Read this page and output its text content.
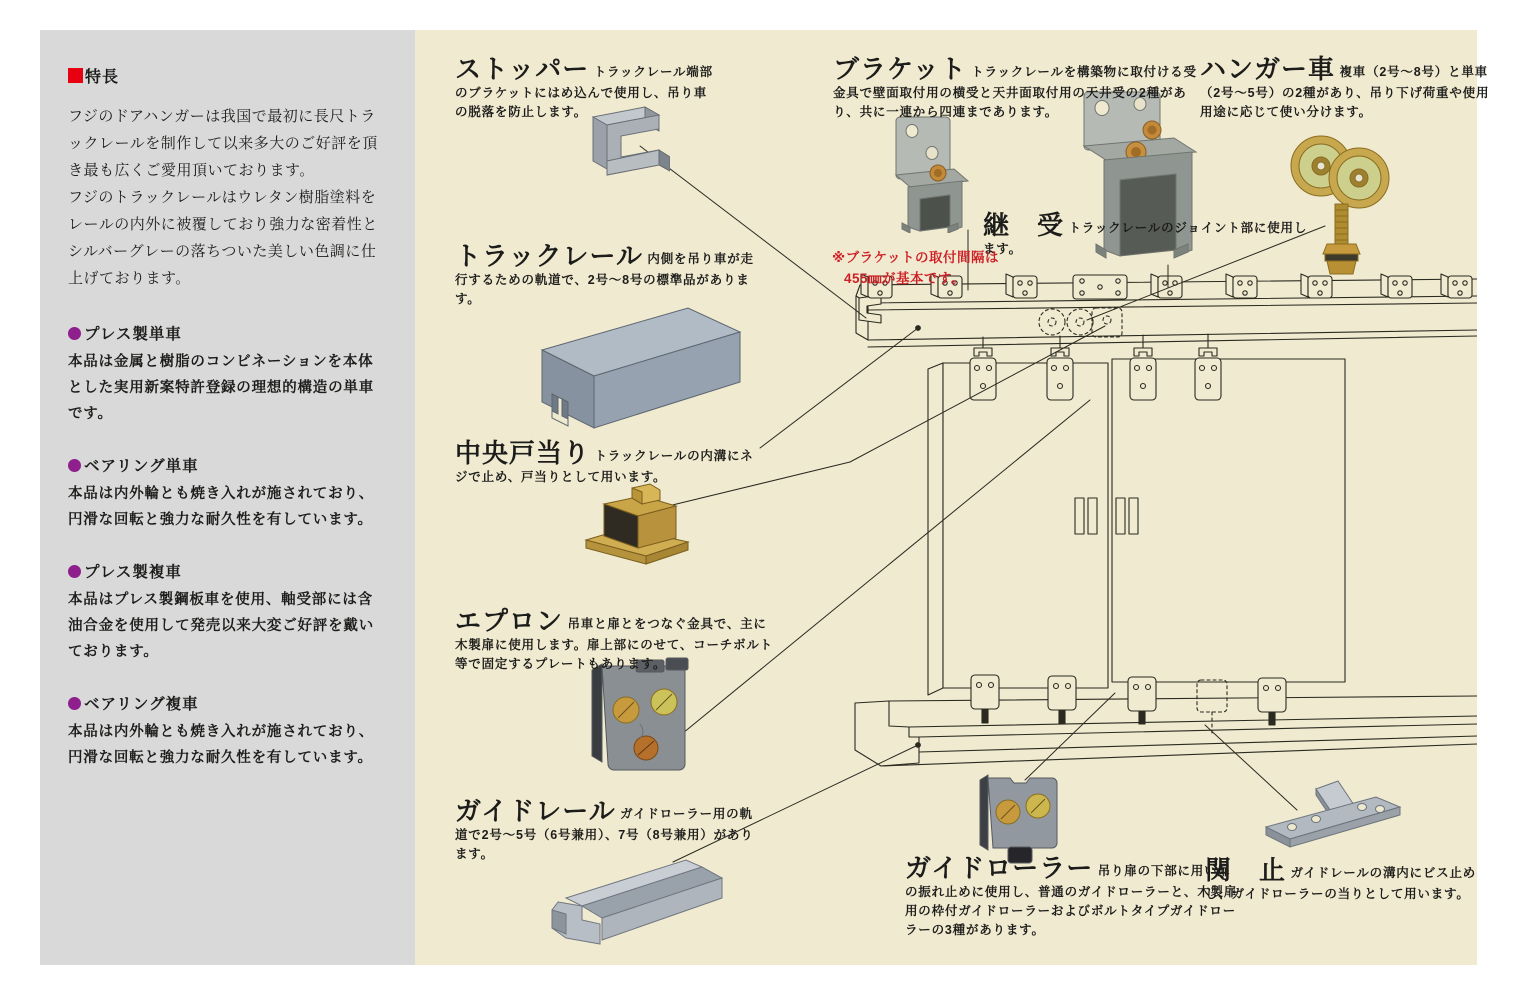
特長

フジのドアハンガーは我国で最初に長尺トラックレールを制作して以来多大のご好評を頂き最も広くご愛用頂いております。

フジのトラックレールはウレタン樹脂塗料をレールの内外に被覆しており強力な密着性とシルバーグレーの落ちついた美しい色調に仕上げております。

プレス製単車
本品は金属と樹脂のコンビネーションを本体とした実用新案特許登録の理想的構造の単車です。
ベアリング単車
本品は内外輪とも焼き入れが施されており、円滑な回転と強力な耐久性を有しています。
プレス製複車
本品はプレス製鋼板車を使用、軸受部には含油合金を使用して発売以来大変ご好評を戴いております。
ベアリング複車
本品は内外輪とも焼き入れが施されており、円滑な回転と強力な耐久性を有しています。
ストッパー トラックレール端部のブラケットにはめ込んで使用し、吊り車の脱落を防止します。
ブラケット トラックレールを構築物に取付ける受金具で壁面取付用の横受と天井面取付用の天井受の2種があり、共に一連から四連まであります。
ハンガー車 複車（2号～8号）と単車（2号～5号）の2種があり、吊り下げ荷重や使用用途に応じて使い分けます。
継　受 トラックレールのジョイント部に使用します。
トラックレール 内側を吊り車が走行するための軌道で、2号～8号の標準品があります。
中央戸当り トラックレールの内溝にネジで止め、戸当りとして用います。
エプロン 吊車と扉とをつなぐ金具で、主に木製扉に使用します。扉上部にのせて、コーチボルト等で固定するプレートもあります。
ガイドレール ガイドローラー用の軌道で2号～5号（6号兼用）、7号（8号兼用）があります。	ガイドローラー 吊り扉の下部に用い扉の振れ止めに使用し、普通のガイドローラーと、木製扉用の枠付ガイドローラーおよびボルトタイプガイドローラーの3種があります。
関　止 ガイドレールの溝内にビス止めし、ガイドローラーの当りとして用います。
※ブラケットの取付間隔は
455㎜が基本です。
